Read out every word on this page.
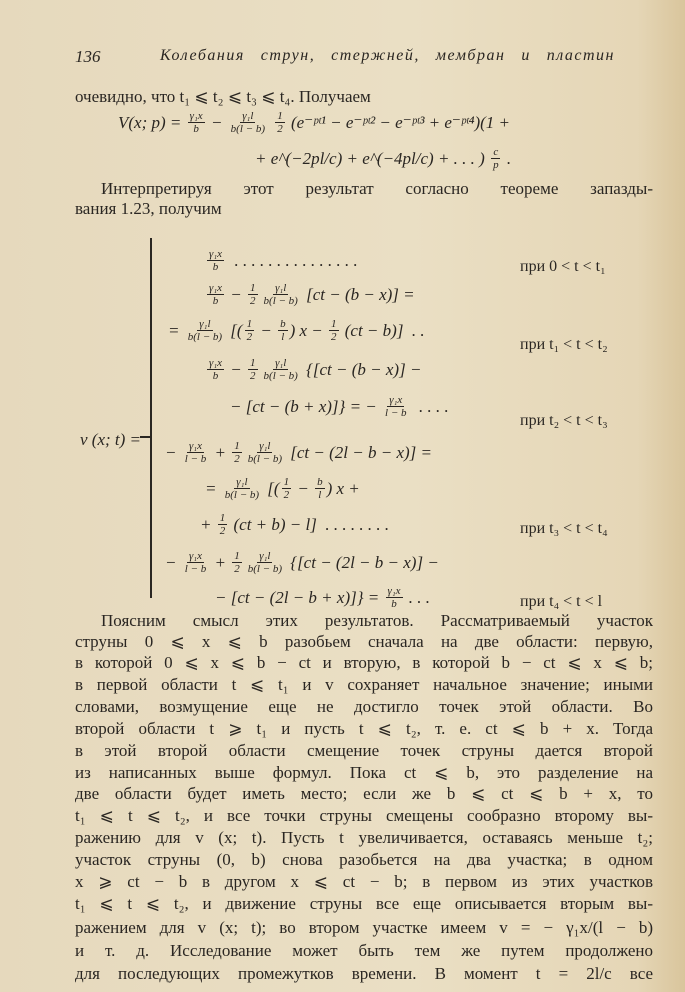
136	Колебания струн, стержней, мембран и пластин
очевидно, что t₁ ⩽ t₂ ⩽ t₃ ⩽ t₄. Получаем
V(x; $p) = \frac{\text{γ₁x}}{b} - \frac{\text{γ₁l}}{b(l - b)}$
$\frac{1}{2}$ (e⁻ᵖᵗ¹ − e⁻ᵖᵗ² − e⁻ᵖᵗ³ + e⁻ᵖᵗ⁴)(1 +
+ e^(−2pl/c) + e^(−4pl/c) + . . . ) $\frac{c}{p}$ .
Интерпретируя этот результат согласно теореме запазды-
вания 1.23, получим
v (x; t) =
$\frac{\text{γ₁x}}{b}$ . . . . . . . . . . . . . . .
$\frac{\text{γ₁x}}{b} - \frac{1}{2} \frac{\text{γ₁l}}{b(l - b)} [ct - (b - x)]$ =
= $\frac{\text{γ₁l}}{b(l - b)}$ [( $\frac{1}{2} - \frac{b}{l}$ ) $x - \frac{1}{2} (ct - b)$]  . .
$\frac{\text{γ₁x}}{b} - \frac{1}{2} \frac{\text{γ₁l}}{b(l - b)} \{[ct - (b - x)]$ −
− [ct − (b + x)]} = − $\frac{\text{γ₁x}}{l - b}$ . . . .
− $\frac{\text{γ₁x}}{l - b} + \frac{1}{2} \frac{\text{γ₁l}}{b(l - b)} [ct - (2l - b - x)]$ =
= $\frac{\text{γ₁l}}{b(l - b)}$ [( $\frac{1}{2} - \frac{b}{l}$ ) x +
+ $\frac{1}{2} (ct + b) - l$]  . . . . . . . .
− $\frac{\text{γ₁x}}{l - b} + \frac{1}{2} \frac{\text{γ₁l}}{b(l - b)} \{[ct - (2l - b - x)]$ −
− $[ct - (2l - b + x)]\} = \frac{\text{γ₁x}}{b}$ . . .
при 0 < t < t₁
при t₁ < t < t₂
при t₂ < t < t₃
при t₃ < t < t₄
при t₄ < t < l
Поясним смысл этих результатов. Рассматриваемый участок
струны 0 ⩽ x ⩽ b разобьем сначала на две области: первую,
в которой 0 ⩽ x ⩽ b − ct и вторую, в которой b − ct ⩽ x ⩽ b;
в первой области t ⩽ t₁ и v сохраняет начальное значение; иными
словами, возмущение еще не достигло точек этой области. Во
второй области t ⩾ t₁ и пусть t ⩽ t₂, т. е. ct ⩽ b + x. Тогда
в этой второй области смещение точек струны дается второй
из написанных выше формул. Пока ct ⩽ b, это разделение на
две области будет иметь место; если же b ⩽ ct ⩽ b + x, то
t₁ ⩽ t ⩽ t₂, и все точки струны смещены сообразно второму вы-
ражению для v (x; t). Пусть t увеличивается, оставаясь меньше t₂;
участок струны (0, b) снова разобьется на два участка; в одном
x ⩾ ct − b в другом x ⩽ ct − b; в первом из этих участков
t₁ ⩽ t ⩽ t₂, и движение струны все еще описывается вторым вы-
ражением для v (x; t); во втором участке имеем v = − γ₁x/(l − b)
и т. д. Исследование может быть тем же путем продолжено
для последующих промежутков времени. В момент t = 2l/c все
